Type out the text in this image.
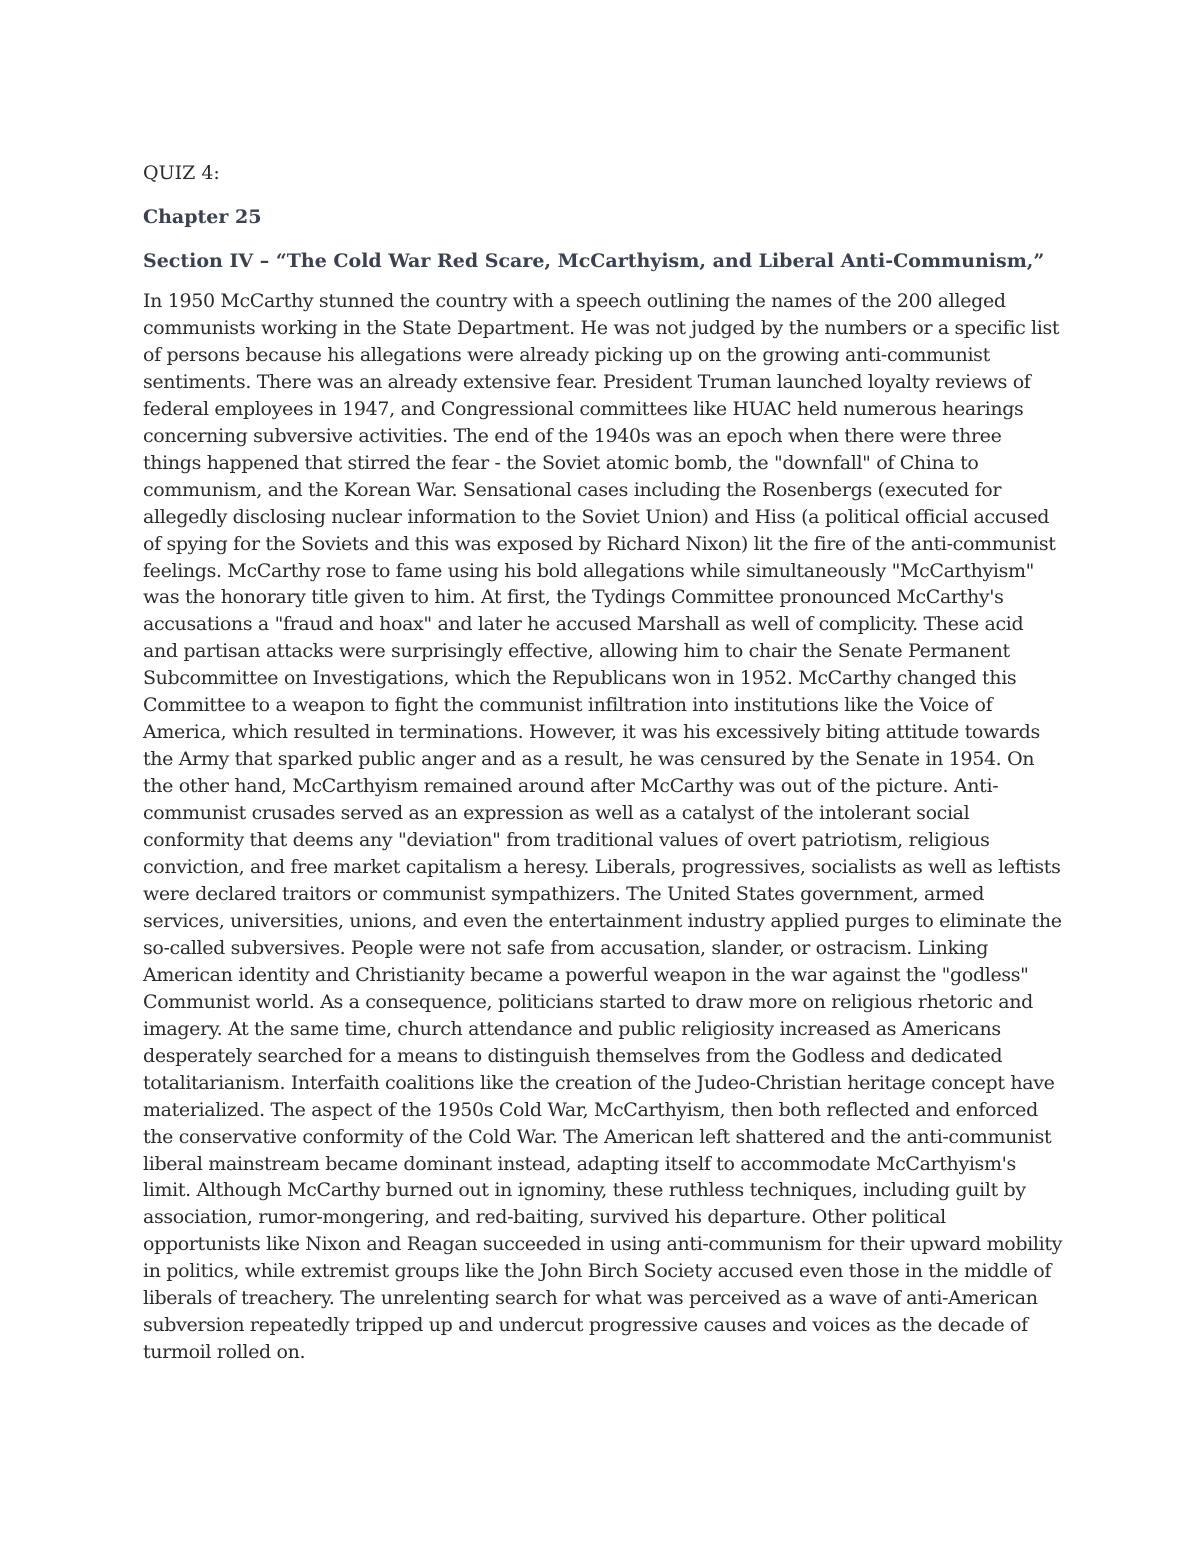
QUIZ 4:

Chapter 25

Section IV – “The Cold War Red Scare, McCarthyism, and Liberal Anti-Communism,”

In 1950 McCarthy stunned the country with a speech outlining the names of the 200 alleged communists working in the State Department. He was not judged by the numbers or a specific list of persons because his allegations were already picking up on the growing anti-communist sentiments. There was an already extensive fear. President Truman launched loyalty reviews of federal employees in 1947, and Congressional committees like HUAC held numerous hearings concerning subversive activities. The end of the 1940s was an epoch when there were three things happened that stirred the fear - the Soviet atomic bomb, the "downfall" of China to communism, and the Korean War. Sensational cases including the Rosenbergs (executed for allegedly disclosing nuclear information to the Soviet Union) and Hiss (a political official accused of spying for the Soviets and this was exposed by Richard Nixon) lit the fire of the anti-communist feelings. McCarthy rose to fame using his bold allegations while simultaneously "McCarthyism" was the honorary title given to him. At first, the Tydings Committee pronounced McCarthy's accusations a "fraud and hoax" and later he accused Marshall as well of complicity. These acid and partisan attacks were surprisingly effective, allowing him to chair the Senate Permanent Subcommittee on Investigations, which the Republicans won in 1952. McCarthy changed this Committee to a weapon to fight the communist infiltration into institutions like the Voice of America, which resulted in terminations. However, it was his excessively biting attitude towards the Army that sparked public anger and as a result, he was censured by the Senate in 1954. On the other hand, McCarthyism remained around after McCarthy was out of the picture. Anti-communist crusades served as an expression as well as a catalyst of the intolerant social conformity that deems any "deviation" from traditional values of overt patriotism, religious conviction, and free market capitalism a heresy. Liberals, progressives, socialists as well as leftists were declared traitors or communist sympathizers. The United States government, armed services, universities, unions, and even the entertainment industry applied purges to eliminate the so-called subversives. People were not safe from accusation, slander, or ostracism. Linking American identity and Christianity became a powerful weapon in the war against the "godless" Communist world. As a consequence, politicians started to draw more on religious rhetoric and imagery. At the same time, church attendance and public religiosity increased as Americans desperately searched for a means to distinguish themselves from the Godless and dedicated totalitarianism. Interfaith coalitions like the creation of the Judeo-Christian heritage concept have materialized. The aspect of the 1950s Cold War, McCarthyism, then both reflected and enforced the conservative conformity of the Cold War. The American left shattered and the anti-communist liberal mainstream became dominant instead, adapting itself to accommodate McCarthyism's limit. Although McCarthy burned out in ignominy, these ruthless techniques, including guilt by association, rumor-mongering, and red-baiting, survived his departure. Other political opportunists like Nixon and Reagan succeeded in using anti-communism for their upward mobility in politics, while extremist groups like the John Birch Society accused even those in the middle of liberals of treachery. The unrelenting search for what was perceived as a wave of anti-American subversion repeatedly tripped up and undercut progressive causes and voices as the decade of turmoil rolled on.
